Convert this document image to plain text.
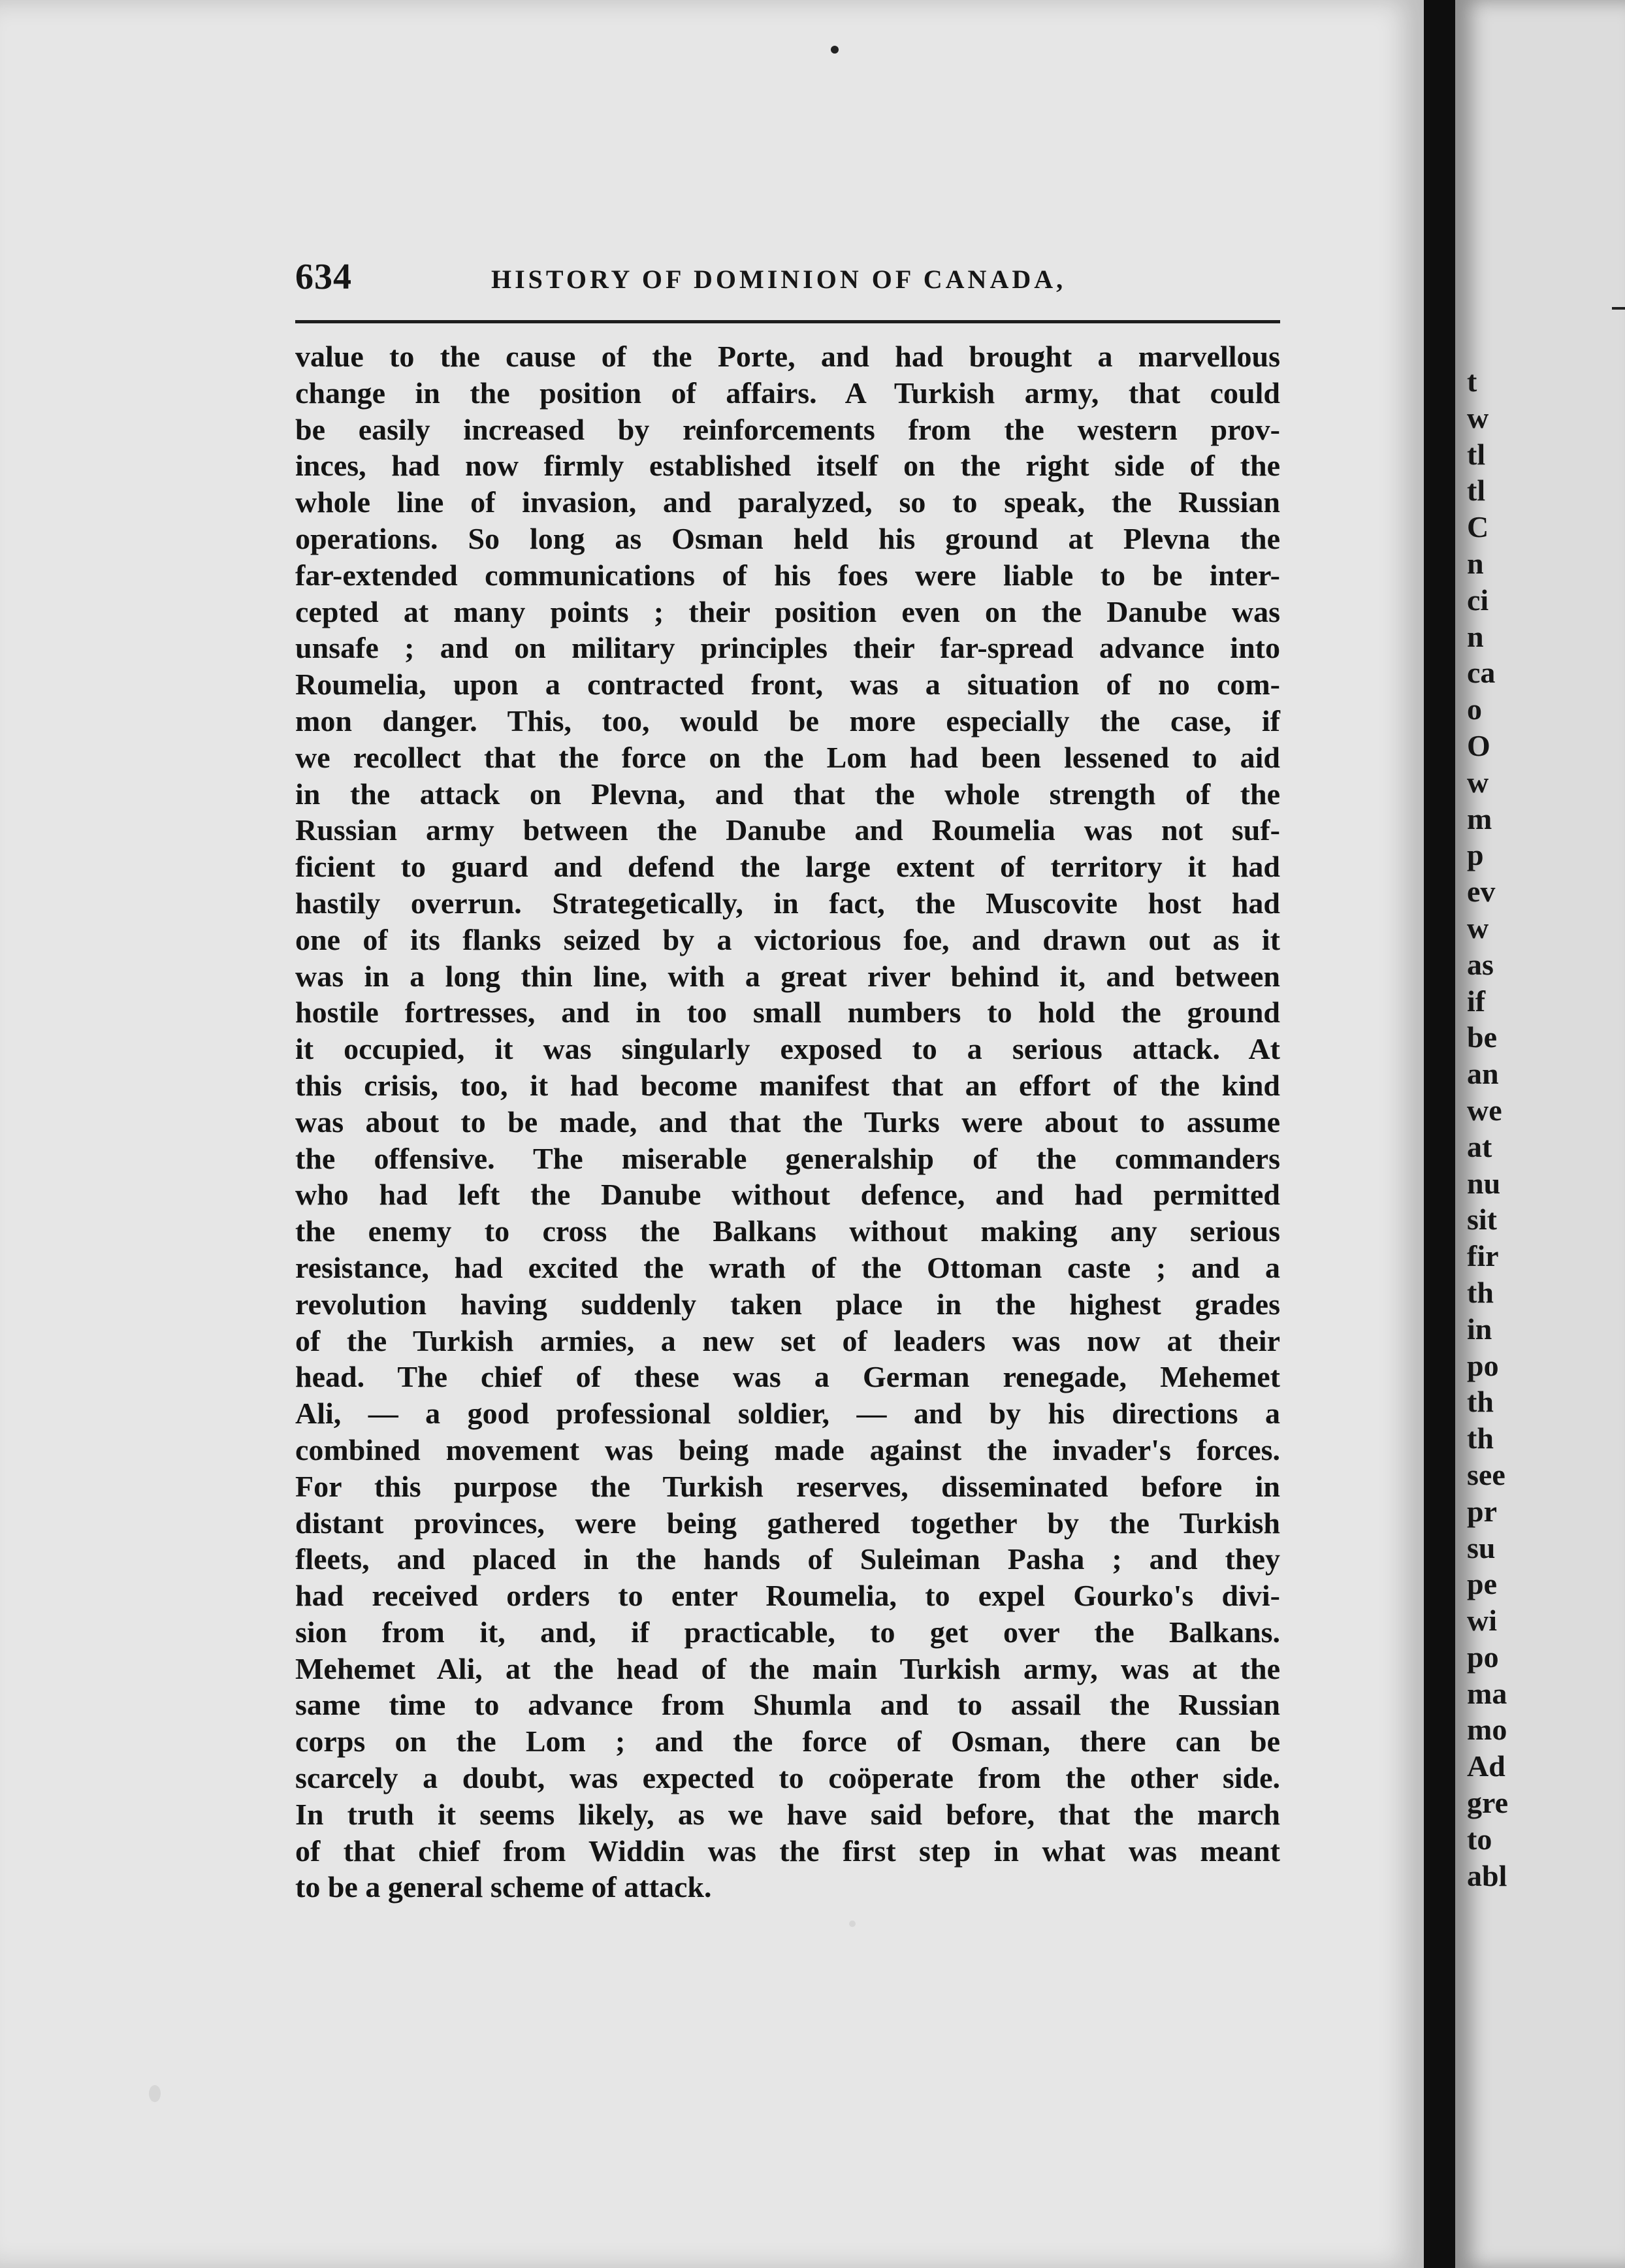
634	HISTORY OF DOMINION OF CANADA,
value to the cause of the Porte, and had brought a marvellous
change in the position of affairs. A Turkish army, that could
be easily increased by reinforcements from the western prov-
inces, had now firmly established itself on the right side of the
whole line of invasion, and paralyzed, so to speak, the Russian
operations. So long as Osman held his ground at Plevna the
far-extended communications of his foes were liable to be inter-
cepted at many points ; their position even on the Danube was
unsafe ; and on military principles their far-spread advance into
Roumelia, upon a contracted front, was a situation of no com-
mon danger. This, too, would be more especially the case, if
we recollect that the force on the Lom had been lessened to aid
in the attack on Plevna, and that the whole strength of the
Russian army between the Danube and Roumelia was not suf-
ficient to guard and defend the large extent of territory it had
hastily overrun. Strategetically, in fact, the Muscovite host had
one of its flanks seized by a victorious foe, and drawn out as it
was in a long thin line, with a great river behind it, and between
hostile fortresses, and in too small numbers to hold the ground
it occupied, it was singularly exposed to a serious attack. At
this crisis, too, it had become manifest that an effort of the kind
was about to be made, and that the Turks were about to assume
the offensive. The miserable generalship of the commanders
who had left the Danube without defence, and had permitted
the enemy to cross the Balkans without making any serious
resistance, had excited the wrath of the Ottoman caste ; and a
revolution having suddenly taken place in the highest grades
of the Turkish armies, a new set of leaders was now at their
head. The chief of these was a German renegade, Mehemet
Ali, — a good professional soldier, — and by his directions a
combined movement was being made against the invader's forces.
For this purpose the Turkish reserves, disseminated before in
distant provinces, were being gathered together by the Turkish
fleets, and placed in the hands of Suleiman Pasha ; and they
had received orders to enter Roumelia, to expel Gourko's divi-
sion from it, and, if practicable, to get over the Balkans.
Mehemet Ali, at the head of the main Turkish army, was at the
same time to advance from Shumla and to assail the Russian
corps on the Lom ; and the force of Osman, there can be
scarcely a doubt, was expected to coöperate from the other side.
In truth it seems likely, as we have said before, that the march
of that chief from Widdin was the first step in what was meant
to be a general scheme of attack.
t
w
tl
tl
C
n
ci
n
ca
o
O
w
m
p
ev
w
as
if
be
an
we
at
nu
sit
fir
th
in
po
th
th
see
pr
su
pe
wi
po
ma
mo
Ad
gre
to
abl
